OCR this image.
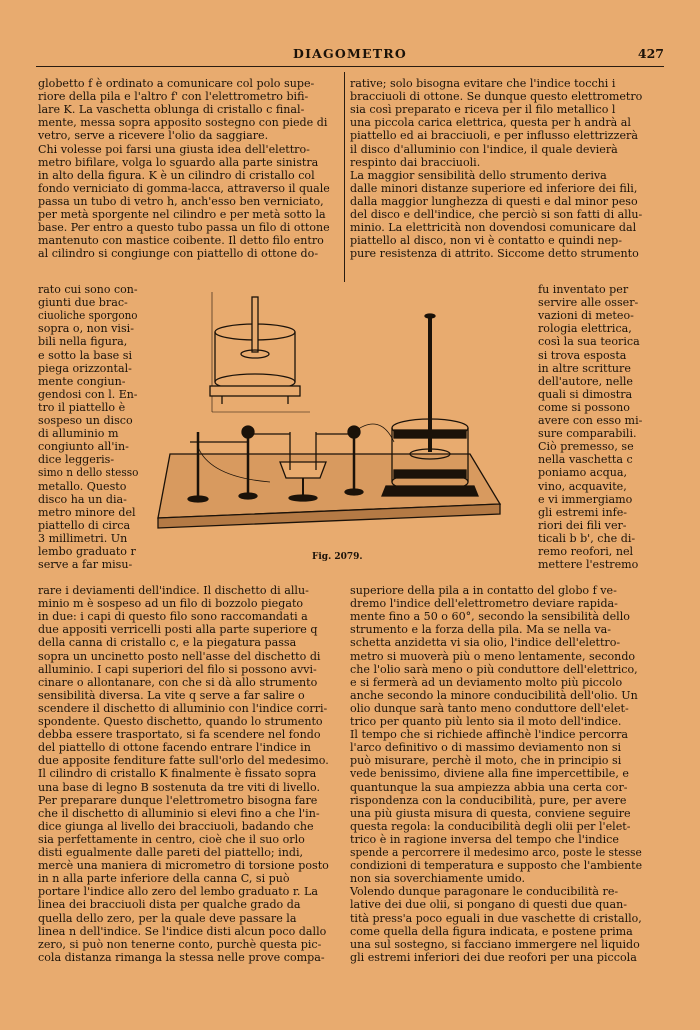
DIAGOMETRO	427
globetto f è ordinato a comunicare col polo supe-
riore della pila e l'altro f' con l'elettrometro bifi-
lare K. La vaschetta oblunga di cristallo c final-
mente, messa sopra apposito sostegno con piede di
vetro, serve a ricevere l'olio da saggiare.
Chi volesse poi farsi una giusta idea dell'elettro-
metro bifilare, volga lo sguardo alla parte sinistra
in alto della figura. K è un cilindro di cristallo col
fondo verniciato di gomma-lacca, attraverso il quale
passa un tubo di vetro h, anch'esso ben verniciato,
per metà sporgente nel cilindro e per metà sotto la
base. Per entro a questo tubo passa un filo di ottone
mantenuto con mastice coibente. Il detto filo entro
al cilindro si congiunge con piattello di ottone do-
rato cui sono con-
giunti due brac-
ciuoliche sporgono
sopra o, non visi-
bili nella figura,
e sotto la base si
piega orizzontal-
mente congiun-
gendosi con l. En-
tro il piattello è
sospeso un disco
di alluminio m
congiunto all'in-
dice leggeris-
simo n dello stesso
metallo. Questo
disco ha un dia-
metro minore del
piattello di circa
3 millimetri. Un
lembo graduato r
serve a far misu-
rare i deviamenti dell'indice. Il dischetto di allu-
minio m è sospeso ad un filo di bozzolo piegato
in due: i capi di questo filo sono raccomandati a
due appositi verricelli posti alla parte superiore q
della canna di cristallo c, e la piegatura passa
sopra un uncinetto posto nell'asse del dischetto di
alluminio. I capi superiori del filo si possono avvi-
cinare o allontanare, con che si dà allo strumento
sensibilità diversa. La vite q serve a far salire o
scendere il dischetto di alluminio con l'indice corri-
spondente. Questo dischetto, quando lo strumento
debba essere trasportato, si fa scendere nel fondo
del piattello di ottone facendo entrare l'indice in
due apposite fenditure fatte sull'orlo del medesimo.
Il cilindro di cristallo K finalmente è fissato sopra
una base di legno B sostenuta da tre viti di livello.
Per preparare dunque l'elettrometro bisogna fare
che il dischetto di alluminio si elevi fino a che l'in-
dice giunga al livello dei bracciuoli, badando che
sia perfettamente in centro, cioè che il suo orlo
disti egualmente dalle pareti del piattello; indi,
mercè una maniera di micrometro di torsione posto
in n alla parte inferiore della canna C, si può
portare l'indice allo zero del lembo graduato r. La
linea dei bracciuoli dista per qualche grado da
quella dello zero, per la quale deve passare la
linea n dell'indice. Se l'indice disti alcun poco dallo
zero, si può non tenerne conto, purchè questa pic-
cola distanza rimanga la stessa nelle prove compa-
rative; solo bisogna evitare che l'indice tocchi i
bracciuoli di ottone. Se dunque questo elettrometro
sia così preparato e riceva per il filo metallico l
una piccola carica elettrica, questa per h andrà al
piattello ed ai bracciuoli, e per influsso elettrizzerà
il disco d'alluminio con l'indice, il quale devierà
respinto dai bracciuoli.
La maggior sensibilità dello strumento deriva
dalle minori distanze superiore ed inferiore dei fili,
dalla maggior lunghezza di questi e dal minor peso
del disco e dell'indice, che perciò si son fatti di allu-
minio. La elettricità non dovendosi comunicare dal
piattello al disco, non vi è contatto e quindi nep-
pure resistenza di attrito. Siccome detto strumento
fu inventato per
servire alle osser-
vazioni di meteo-
rologia elettrica,
così la sua teorica
si trova esposta
in altre scritture
dell'autore, nelle
quali si dimostra
come si possono
avere con esso mi-
sure comparabili.
Ciò premesso, se
nella vaschetta c
poniamo acqua,
vino, acquavite,
e vi immergiamo
gli estremi infe-
riori dei fili ver-
ticali b b', che di-
remo reofori, nel
mettere l'estremo
superiore della pila a in contatto del globo f ve-
dremo l'indice dell'elettrometro deviare rapida-
mente fino a 50 o 60°, secondo la sensibilità dello
strumento e la forza della pila. Ma se nella va-
schetta anzidetta vi sia olio, l'indice dell'elettro-
metro si muoverà più o meno lentamente, secondo
che l'olio sarà meno o più conduttore dell'elettrico,
e si fermerà ad un deviamento molto più piccolo
anche secondo la minore conducibilità dell'olio. Un
olio dunque sarà tanto meno conduttore dell'elet-
trico per quanto più lento sia il moto dell'indice.
Il tempo che si richiede affinchè l'indice percorra
l'arco definitivo o di massimo deviamento non si
può misurare, perchè il moto, che in principio si
vede benissimo, diviene alla fine impercettibile, e
quantunque la sua ampiezza abbia una certa cor-
rispondenza con la conducibilità, pure, per avere
una più giusta misura di questa, conviene seguire
questa regola: la conducibilità degli olii per l'elet-
trico è in ragione inversa del tempo che l'indice
spende a percorrere il medesimo arco, poste le stesse
condizioni di temperatura e supposto che l'ambiente
non sia soverchiamente umido.
Volendo dunque paragonare le conducibilità re-
lative dei due olii, si pongano di questi due quan-
tità press'a poco eguali in due vaschette di cristallo,
come quella della figura indicata, e postene prima
una sul sostegno, si facciano immergere nel liquido
gli estremi inferiori dei due reofori per una piccola
Fig. 2079.
